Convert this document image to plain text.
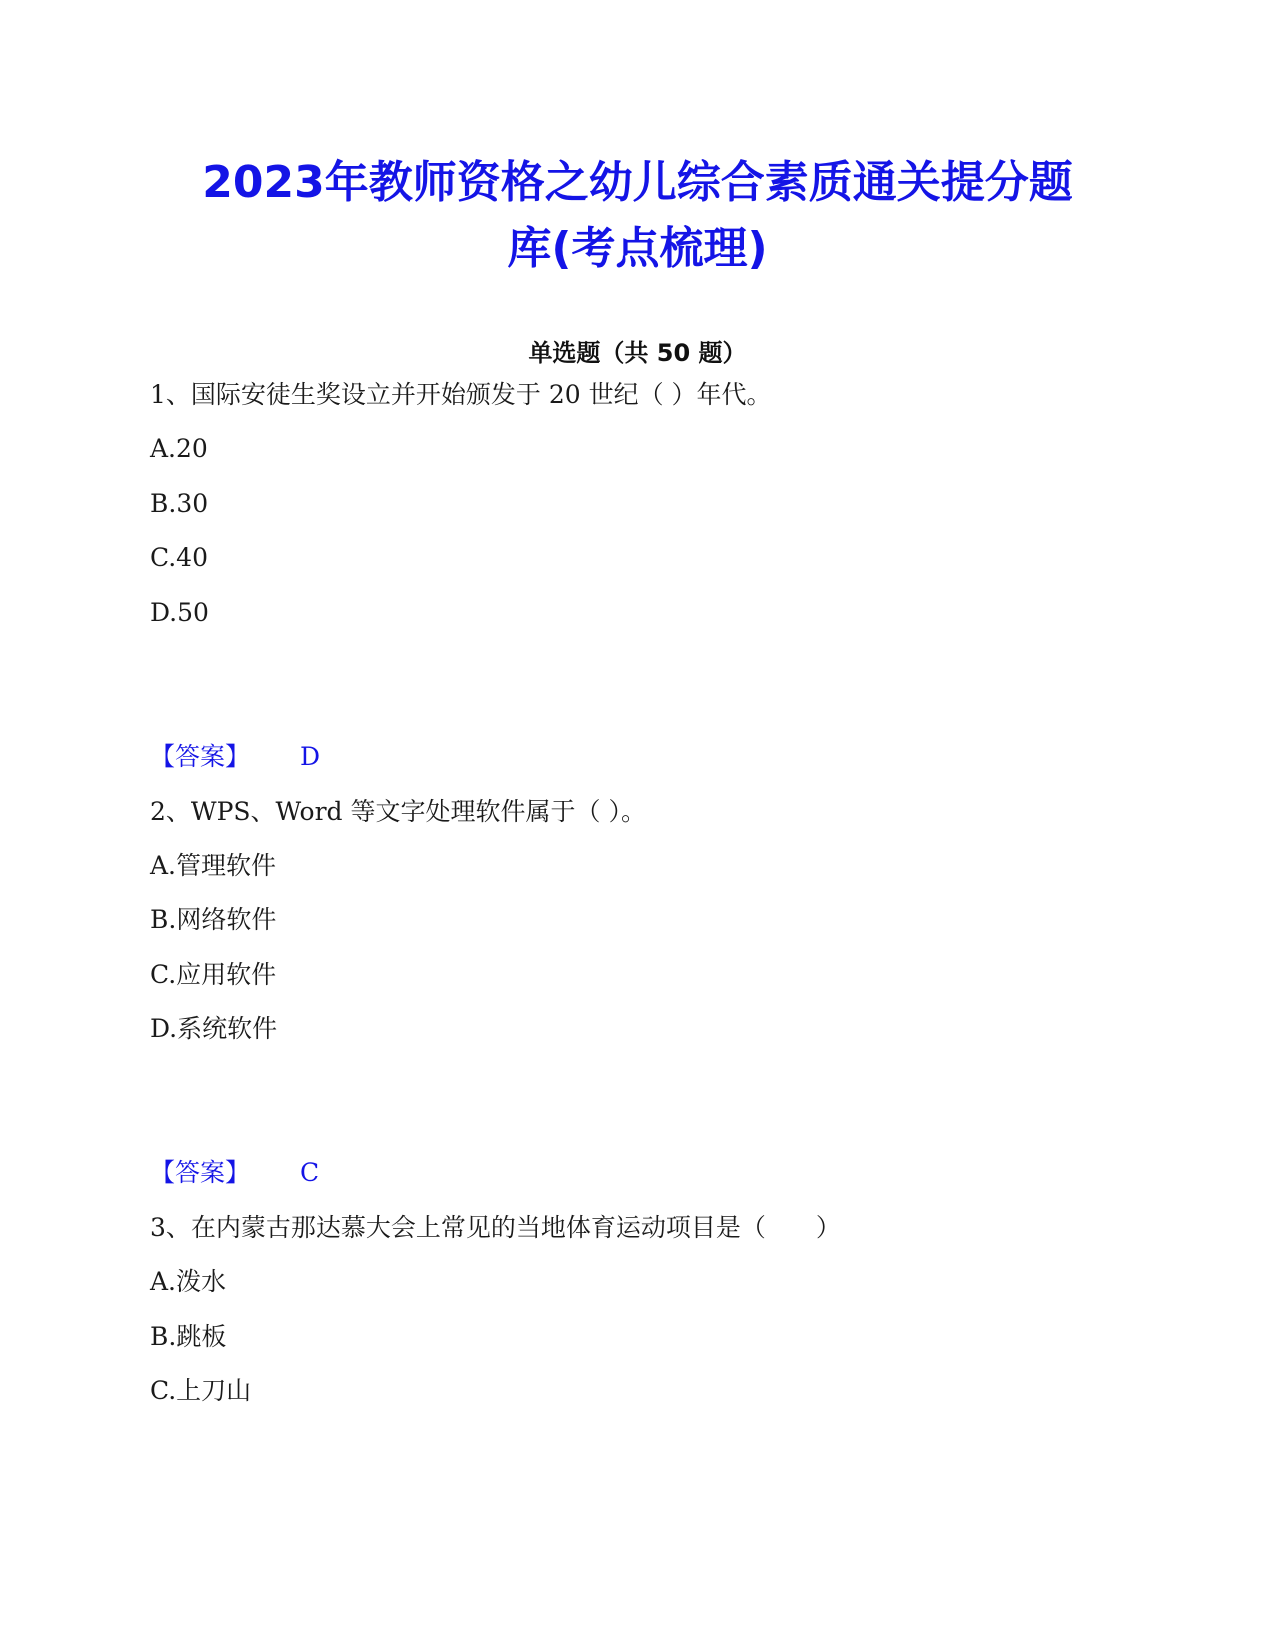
2023年教师资格之幼儿综合素质通关提分题
库(考点梳理)
单选题（共 50 题）
1、国际安徒生奖设立并开始颁发于 20 世纪（ ）年代。
A.20
B.30
C.40
D.50
【答案】 D
2、WPS、Word 等文字处理软件属于（ ）。
A.管理软件
B.网络软件
C.应用软件
D.系统软件
【答案】 C
3、在内蒙古那达慕大会上常见的当地体育运动项目是（　　）
A.泼水
B.跳板
C.上刀山
